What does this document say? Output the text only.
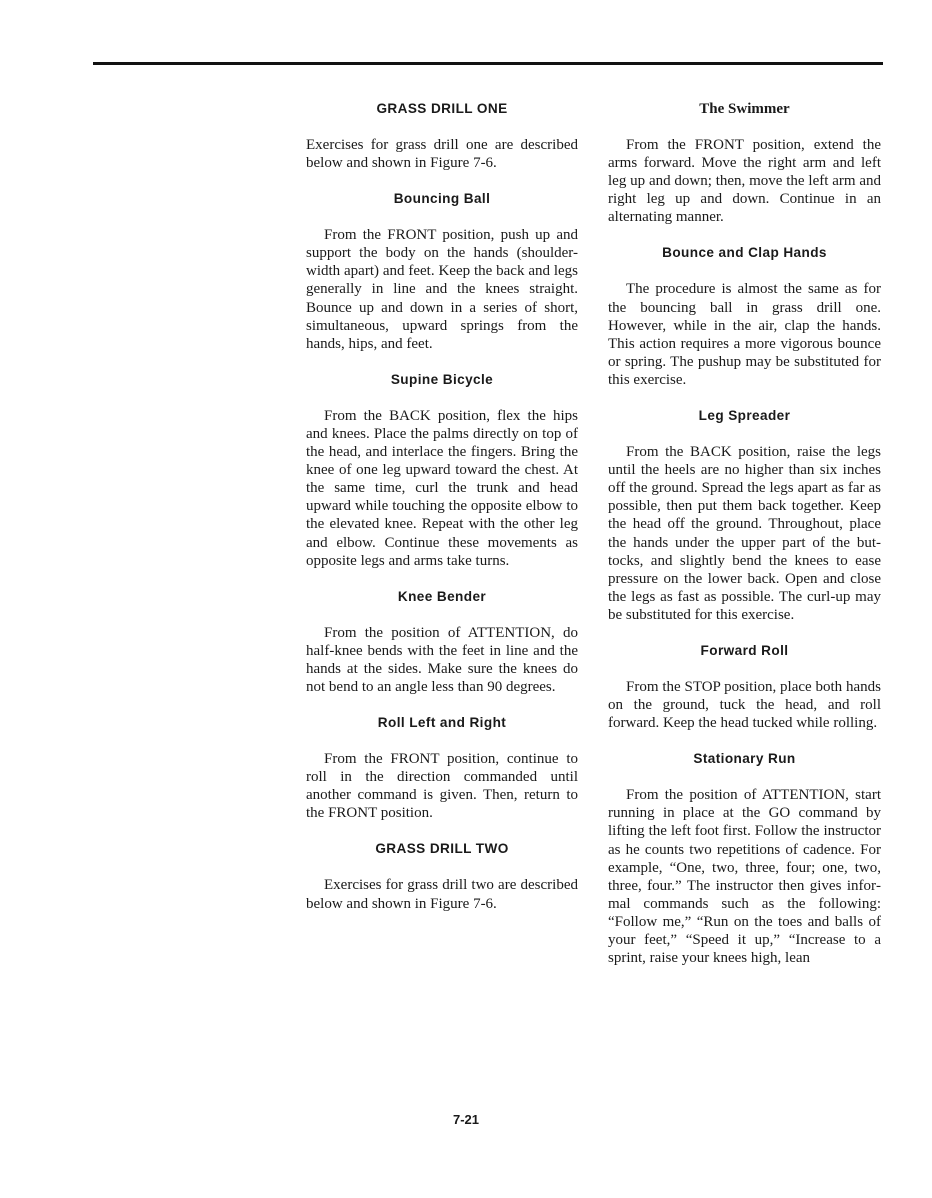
GRASS DRILL ONE

Exercises for grass drill one are described below and shown in Figure 7-6.

Bouncing Ball

From the FRONT position, push up and support the body on the hands (shoulder-width apart) and feet. Keep the back and legs generally in line and the knees straight. Bounce up and down in a series of short, simultaneous, upward springs from the hands, hips, and feet.

Supine Bicycle

From the BACK position, flex the hips and knees. Place the palms directly on top of the head, and interlace the fingers. Bring the knee of one leg upward toward the chest. At the same time, curl the trunk and head upward while touching the opposite elbow to the elevated knee. Repeat with the other leg and elbow. Continue these movements as opposite legs and arms take turns.

Knee Bender

From the position of ATTENTION, do half-knee bends with the feet in line and the hands at the sides. Make sure the knees do not bend to an angle less than 90 degrees.

Roll Left and Right

From the FRONT position, continue to roll in the direction commanded until another command is given. Then, return to the FRONT position.

GRASS DRILL TWO

Exercises for grass drill two are described below and shown in Figure 7-6.

The Swimmer

From the FRONT position, extend the arms forward. Move the right arm and left leg up and down; then, move the left arm and right leg up and down. Continue in an alternating manner.

Bounce and Clap Hands

The procedure is almost the same as for the bouncing ball in grass drill one. However, while in the air, clap the hands. This action requires a more vigorous bounce or spring. The pushup may be substituted for this exercise.

Leg Spreader

From the BACK position, raise the legs until the heels are no higher than six inches off the ground. Spread the legs apart as far as possible, then put them back together. Keep the head off the ground. Throughout, place the hands under the upper part of the buttocks, and slightly bend the knees to ease pressure on the lower back. Open and close the legs as fast as possible. The curl-up may be substituted for this exercise.

Forward Roll

From the STOP position, place both hands on the ground, tuck the head, and roll forward. Keep the head tucked while rolling.

Stationary Run

From the position of ATTENTION, start running in place at the GO command by lifting the left foot first. Follow the instructor as he counts two repetitions of cadence. For example, “One, two, three, four; one, two, three, four.” The instructor then gives informal commands such as the following: “Follow me,” “Run on the toes and balls of your feet,” “Speed it up,” “Increase to a sprint, raise your knees high, lean

7-21
